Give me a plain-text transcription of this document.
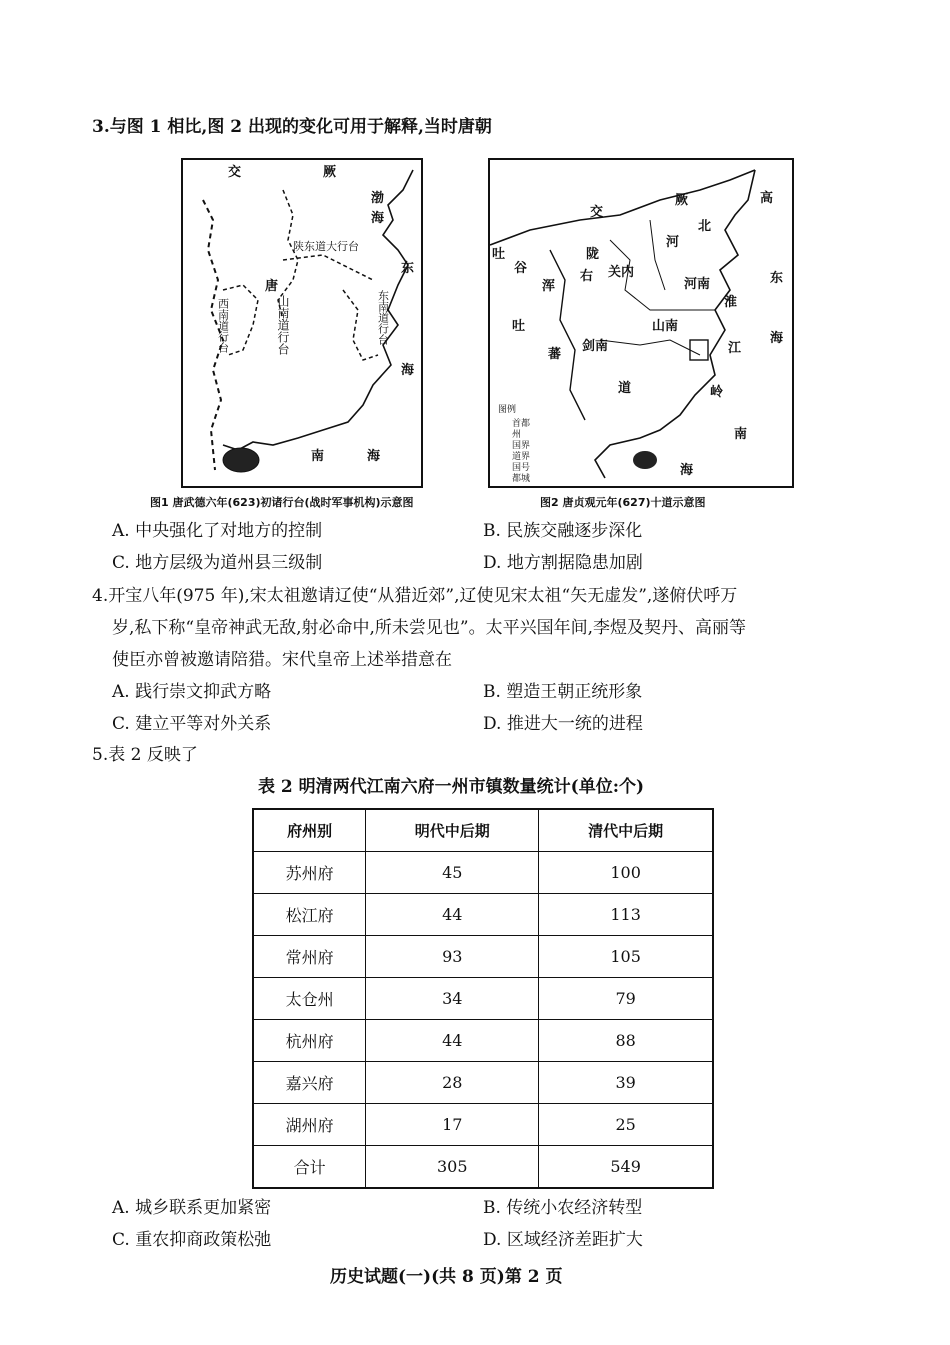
3.与图 1 相比,图 2 出现的变化可用于解释,当时唐朝
交	厥
渤
海
陕东道大行台
唐
西南道行台	山南道行台	东南道行台
东
海
南	海
图1 唐武德六年(623)初诸行台(战时军事机构)示意图
交
厥	高
吐
谷
浑
吐
蕃
右
陇
关内
河
北
山南
河南
淮
剑南	江
岭
道
东
海
南
海
图例
首都
州
国界
道界
国号
都城
图2 唐贞观元年(627)十道示意图
A. 中央强化了对地方的控制	B. 民族交融逐步深化
C. 地方层级为道州县三级制	D. 地方割据隐患加剧
4.开宝八年(975 年),宋太祖邀请辽使“从猎近郊”,辽使见宋太祖“矢无虚发”,遂俯伏呼万
岁,私下称“皇帝神武无敌,射必命中,所未尝见也”。太平兴国年间,李煜及契丹、高丽等
使臣亦曾被邀请陪猎。宋代皇帝上述举措意在
A. 践行崇文抑武方略	B. 塑造王朝正统形象
C. 建立平等对外关系	D. 推进大一统的进程
5.表 2 反映了
表 2 明清两代江南六府一州市镇数量统计(单位:个)
府州别	明代中后期	清代中后期
苏州府	45	100
松江府	44	113
常州府	93	105
太仓州	34	79
杭州府	44	88
嘉兴府	28	39
湖州府	17	25
合计	305	549
A. 城乡联系更加紧密	B. 传统小农经济转型
C. 重农抑商政策松弛	D. 区域经济差距扩大
历史试题(一)(共 8 页)第 2 页
